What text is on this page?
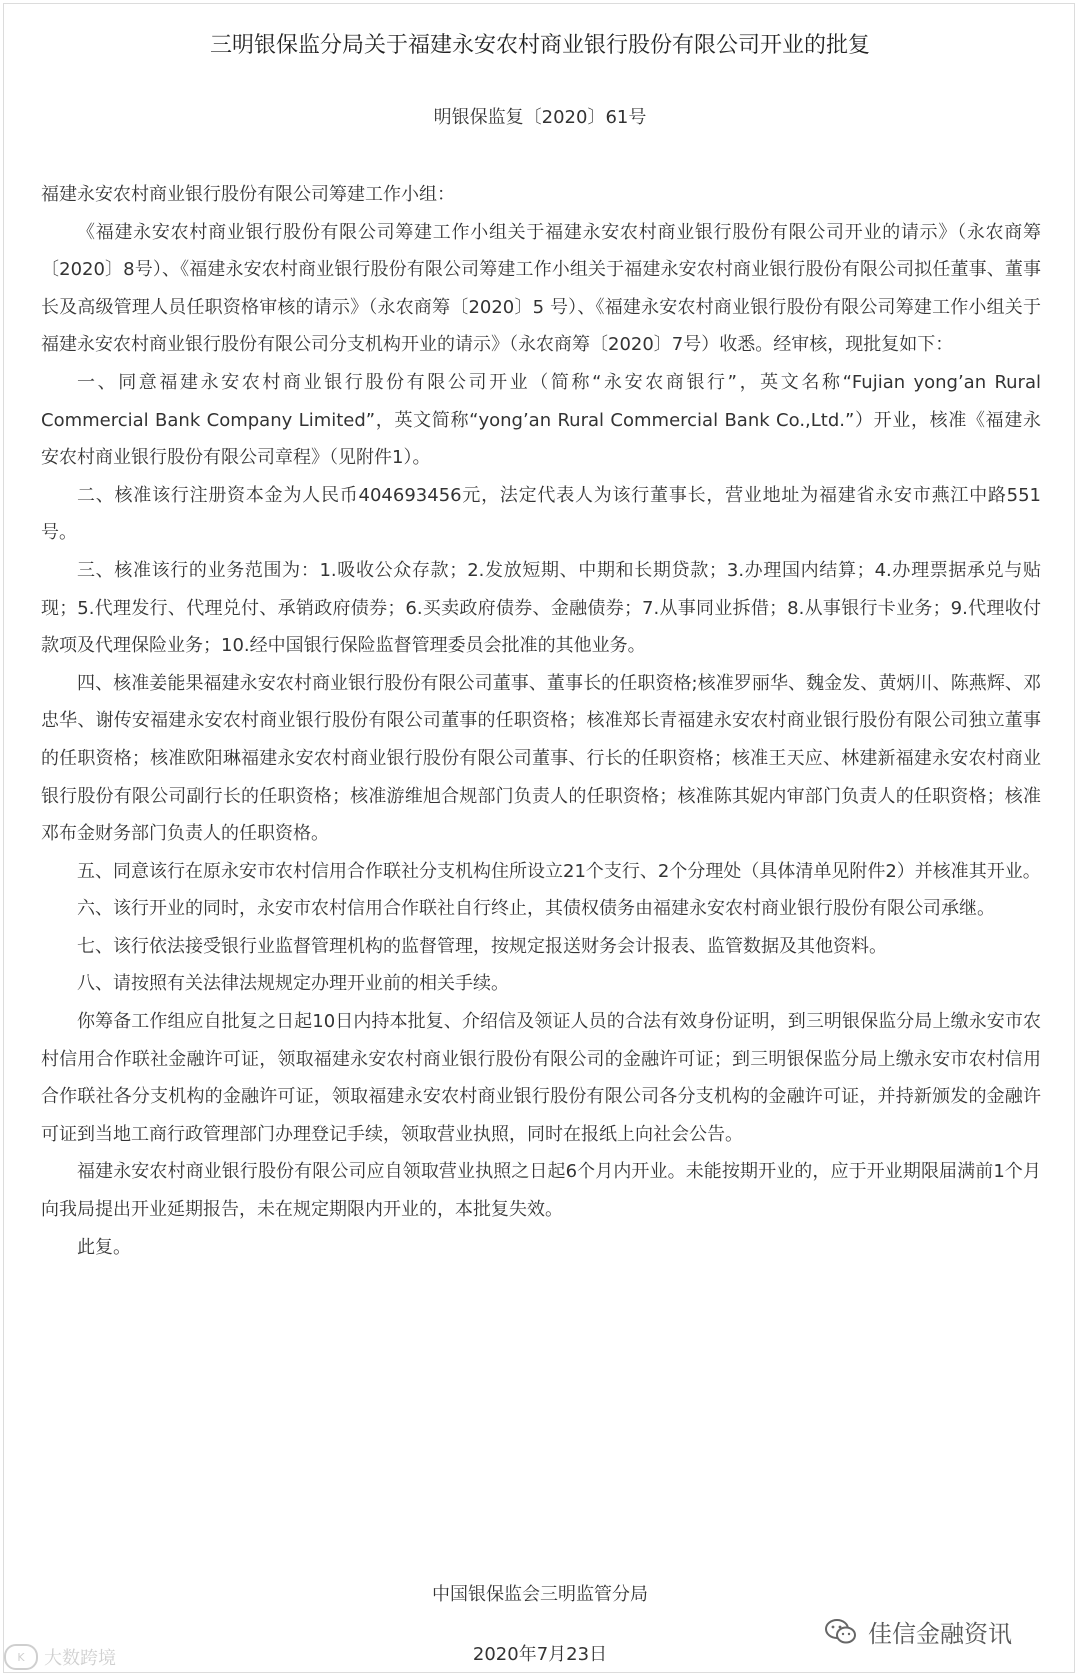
三明银保监分局关于福建永安农村商业银行股份有限公司开业的批复
明银保监复〔2020〕61号

福建永安农村商业银行股份有限公司筹建工作小组：

《福建永安农村商业银行股份有限公司筹建工作小组关于福建永安农村商业银行股份有限公司开业的请示》（永农商筹〔2020〕8号）、《福建永安农村商业银行股份有限公司筹建工作小组关于福建永安农村商业银行股份有限公司拟任董事、董事长及高级管理人员任职资格审核的请示》（永农商筹〔2020〕5 号）、《福建永安农村商业银行股份有限公司筹建工作小组关于福建永安农村商业银行股份有限公司分支机构开业的请示》（永农商筹〔2020〕7号）收悉。经审核，现批复如下：

一、同意福建永安农村商业银行股份有限公司开业（简称“永安农商银行”，英文名称“Fujian yong’an Rural Commercial Bank Company Limited”，英文简称“yong’an Rural Commercial Bank Co.,Ltd.”）开业，核准《福建永安农村商业银行股份有限公司章程》（见附件1）。

二、核准该行注册资本金为人民币404693456元，法定代表人为该行董事长，营业地址为福建省永安市燕江中路551号。

三、核准该行的业务范围为：1.吸收公众存款；2.发放短期、中期和长期贷款；3.办理国内结算；4.办理票据承兑与贴现；5.代理发行、代理兑付、承销政府债券；6.买卖政府债券、金融债券；7.从事同业拆借；8.从事银行卡业务；9.代理收付款项及代理保险业务；10.经中国银行保险监督管理委员会批准的其他业务。

四、核准姜能果福建永安农村商业银行股份有限公司董事、董事长的任职资格;核准罗丽华、魏金发、黄炳川、陈燕辉、邓忠华、谢传安福建永安农村商业银行股份有限公司董事的任职资格；核准郑长青福建永安农村商业银行股份有限公司独立董事的任职资格；核准欧阳琳福建永安农村商业银行股份有限公司董事、行长的任职资格；核准王天应、林建新福建永安农村商业银行股份有限公司副行长的任职资格；核准游维旭合规部门负责人的任职资格；核准陈其妮内审部门负责人的任职资格；核准邓布金财务部门负责人的任职资格。

五、同意该行在原永安市农村信用合作联社分支机构住所设立21个支行、2个分理处（具体清单见附件2）并核准其开业。

六、该行开业的同时，永安市农村信用合作联社自行终止，其债权债务由福建永安农村商业银行股份有限公司承继。

七、该行依法接受银行业监督管理机构的监督管理，按规定报送财务会计报表、监管数据及其他资料。

八、请按照有关法律法规规定办理开业前的相关手续。

你筹备工作组应自批复之日起10日内持本批复、介绍信及领证人员的合法有效身份证明，到三明银保监分局上缴永安市农村信用合作联社金融许可证，领取福建永安农村商业银行股份有限公司的金融许可证；到三明银保监分局上缴永安市农村信用合作联社各分支机构的金融许可证，领取福建永安农村商业银行股份有限公司各分支机构的金融许可证，并持新颁发的金融许可证到当地工商行政管理部门办理登记手续，领取营业执照，同时在报纸上向社会公告。

福建永安农村商业银行股份有限公司应自领取营业执照之日起6个月内开业。未能按期开业的，应于开业期限届满前1个月向我局提出开业延期报告，未在规定期限内开业的，本批复失效。

此复。

中国银保监会三明监管分局
2020年7月23日
K	大数跨境
佳信金融资讯
